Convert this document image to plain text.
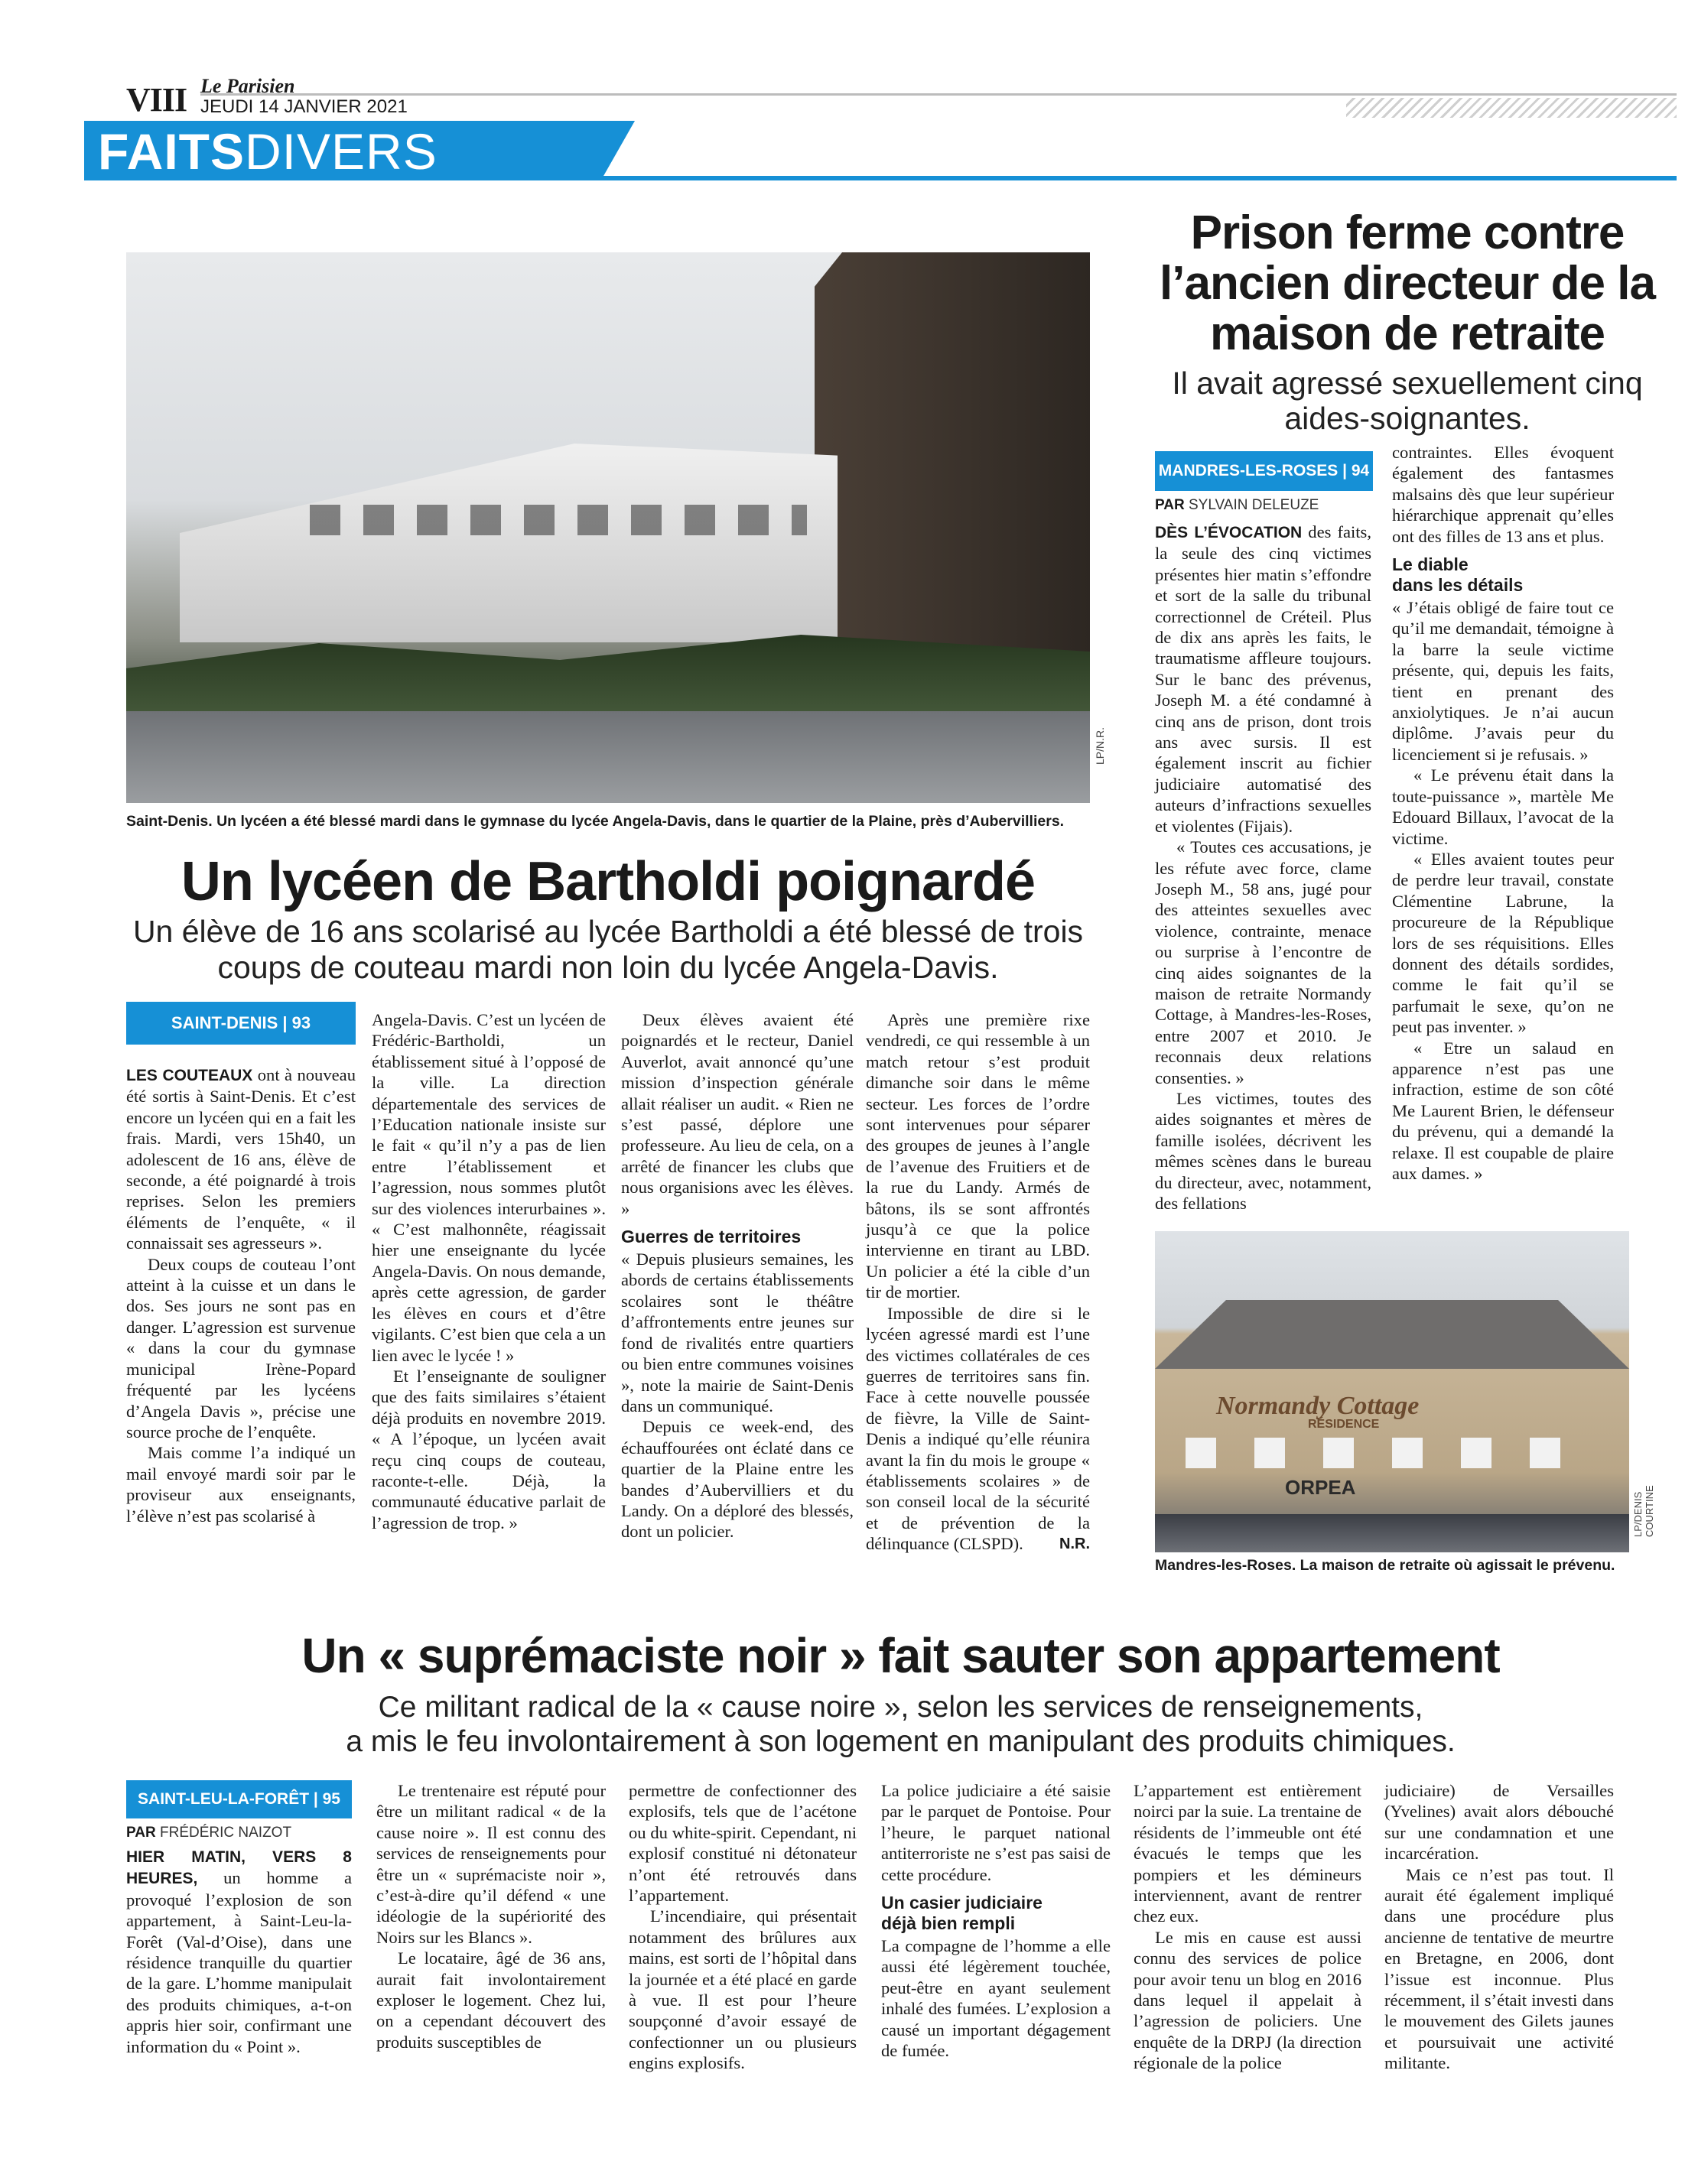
VIII Le Parisien
JEUDI 14 JANVIER 2021
FAITSDIVERS
LP/N.R.
Saint-Denis. Un lycéen a été blessé mardi dans le gymnase du lycée Angela-Davis, dans le quartier de la Plaine, près d’Aubervilliers.
Un lycéen de Bartholdi poignardé
Un élève de 16 ans scolarisé au lycée Bartholdi a été blessé de trois coups de couteau mardi non loin du lycée Angela-Davis.
SAINT-DENIS | 93

LES COUTEAUX ont à nouveau été sortis à Saint-Denis. Et c’est encore un lycéen qui en a fait les frais. Mardi, vers 15h40, un adolescent de 16 ans, élève de seconde, a été poignardé à trois reprises. Selon les premiers éléments de l’enquête, « il connaissait ses agresseurs ».

Deux coups de couteau l’ont atteint à la cuisse et un dans le dos. Ses jours ne sont pas en danger. L’agression est survenue « dans la cour du gymnase municipal Irène-Popard fréquenté par les lycéens d’Angela Davis », précise une source proche de l’enquête.

Mais comme l’a indiqué un mail envoyé mardi soir par le proviseur aux enseignants, l’élève n’est pas scolarisé à

Angela-Davis. C’est un lycéen de Frédéric-Bartholdi, un établissement situé à l’opposé de la ville. La direction départementale des services de l’Education nationale insiste sur le fait « qu’il n’y a pas de lien entre l’établissement et l’agression, nous sommes plutôt sur des violences interurbaines ». « C’est malhonnête, réagissait hier une enseignante du lycée Angela-Davis. On nous demande, après cette agression, de garder les élèves en cours et d’être vigilants. C’est bien que cela a un lien avec le lycée ! »

Et l’enseignante de souligner que des faits similaires s’étaient déjà produits en novembre 2019. « A l’époque, un lycéen avait reçu cinq coups de couteau, raconte-t-elle. Déjà, la communauté éducative parlait de l’agression de trop. »

Deux élèves avaient été poignardés et le recteur, Daniel Auverlot, avait annoncé qu’une mission d’inspection générale allait réaliser un audit. « Rien ne s’est passé, déplore une professeure. Au lieu de cela, on a arrêté de financer les clubs que nous organisions avec les élèves. »

Guerres de territoires

« Depuis plusieurs semaines, les abords de certains établissements scolaires sont le théâtre d’affrontements entre jeunes sur fond de rivalités entre quartiers ou bien entre communes voisines », note la mairie de Saint-Denis dans un communiqué.

Depuis ce week-end, des échauffourées ont éclaté dans ce quartier de la Plaine entre les bandes d’Aubervilliers et du Landy. On a déploré des blessés, dont un policier.

Après une première rixe vendredi, ce qui ressemble à un match retour s’est produit dimanche soir dans le même secteur. Les forces de l’ordre sont intervenues pour séparer des groupes de jeunes à l’angle de l’avenue des Fruitiers et de la rue du Landy. Armés de bâtons, ils se sont affrontés jusqu’à ce que la police intervienne en tirant au LBD. Un policier a été la cible d’un tir de mortier.

Impossible de dire si le lycéen agressé mardi est l’une des victimes collatérales de ces guerres de territoires sans fin. Face à cette nouvelle poussée de fièvre, la Ville de Saint-Denis a indiqué qu’elle réunira avant la fin du mois le groupe « établissements scolaires » de son conseil local de la sécurité et de prévention de la délinquance (CLSPD).	N.R.
Prison ferme contre l’ancien directeur de la maison de retraite
Il avait agressé sexuellement cinq aides-soignantes.
MANDRES-LES-ROSES | 94
PAR SYLVAIN DELEUZE

DÈS L’ÉVOCATION des faits, la seule des cinq victimes présentes hier matin s’effondre et sort de la salle du tribunal correctionnel de Créteil. Plus de dix ans après les faits, le traumatisme affleure toujours. Sur le banc des prévenus, Joseph M. a été condamné à cinq ans de prison, dont trois ans avec sursis. Il est également inscrit au fichier judiciaire automatisé des auteurs d’infractions sexuelles et violentes (Fijais).

« Toutes ces accusations, je les réfute avec force, clame Joseph M., 58 ans, jugé pour des atteintes sexuelles avec violence, contrainte, menace ou surprise à l’encontre de cinq aides soignantes de la maison de retraite Normandy Cottage, à Mandres-les-Roses, entre 2007 et 2010. Je reconnais deux relations consenties. »

Les victimes, toutes des aides soignantes et mères de famille isolées, décrivent les mêmes scènes dans le bureau du directeur, avec, notamment, des fellations

contraintes. Elles évoquent également des fantasmes malsains dès que leur supérieur hiérarchique apprenait qu’elles ont des filles de 13 ans et plus.

Le diable
dans les détails

« J’étais obligé de faire tout ce qu’il me demandait, témoigne à la barre la seule victime présente, qui, depuis les faits, tient en prenant des anxiolytiques. Je n’ai aucun diplôme. J’avais peur du licenciement si je refusais. »

« Le prévenu était dans la toute-puissance », martèle Me Edouard Billaux, l’avocat de la victime.

« Elles avaient toutes peur de perdre leur travail, constate Clémentine Labrune, la procureure de la République lors de ses réquisitions. Elles donnent des détails sordides, comme le fait qu’il se parfumait le sexe, qu’on ne peut pas inventer. »

« Etre un salaud en apparence n’est pas une infraction, estime de son côté Me Laurent Brien, le défenseur du prévenu, qui a demandé la relaxe. Il est coupable de plaire aux dames. »

Normandy Cottage
RÉSIDENCE
ORPEA
LP/DENIS COURTINE
Mandres-les-Roses. La maison de retraite où agissait le prévenu.
Un « suprémaciste noir » fait sauter son appartement
Ce militant radical de la « cause noire », selon les services de renseignements,
a mis le feu involontairement à son logement en manipulant des produits chimiques.
SAINT-LEU-LA-FORÊT | 95
PAR FRÉDÉRIC NAIZOT

HIER MATIN, VERS 8 HEURES, un homme a provoqué l’explosion de son appartement, à Saint-Leu-la-Forêt (Val-d’Oise), dans une résidence tranquille du quartier de la gare. L’homme manipulait des produits chimiques, a-t-on appris hier soir, confirmant une information du « Point ».

Le trentenaire est réputé pour être un militant radical « de la cause noire ». Il est connu des services de renseignements pour être un « suprémaciste noir », c’est-à-dire qu’il défend « une idéologie de la supériorité des Noirs sur les Blancs ».

Le locataire, âgé de 36 ans, aurait fait involontairement exploser le logement. Chez lui, on a cependant découvert des produits susceptibles de

permettre de confectionner des explosifs, tels que de l’acétone ou du white-spirit. Cependant, ni explosif constitué ni détonateur n’ont été retrouvés dans l’appartement.

L’incendiaire, qui présentait notamment des brûlures aux mains, est sorti de l’hôpital dans la journée et a été placé en garde à vue. Il est pour l’heure soupçonné d’avoir essayé de confectionner un ou plusieurs engins explosifs.

La police judiciaire a été saisie par le parquet de Pontoise. Pour l’heure, le parquet national antiterroriste ne s’est pas saisi de cette procédure.

Un casier judiciaire
déjà bien rempli

La compagne de l’homme a elle aussi été légèrement touchée, peut-être en ayant seulement inhalé des fumées. L’explosion a causé un important dégagement de fumée.

L’appartement est entièrement noirci par la suie. La trentaine de résidents de l’immeuble ont été évacués le temps que les pompiers et les démineurs interviennent, avant de rentrer chez eux.

Le mis en cause est aussi connu des services de police pour avoir tenu un blog en 2016 dans lequel il appelait à l’agression de policiers. Une enquête de la DRPJ (la direction régionale de la police

judiciaire) de Versailles (Yvelines) avait alors débouché sur une condamnation et une incarcération.

Mais ce n’est pas tout. Il aurait été également impliqué dans une procédure plus ancienne de tentative de meurtre en Bretagne, en 2006, dont l’issue est inconnue. Plus récemment, il s’était investi dans le mouvement des Gilets jaunes et poursuivait une activité militante.
